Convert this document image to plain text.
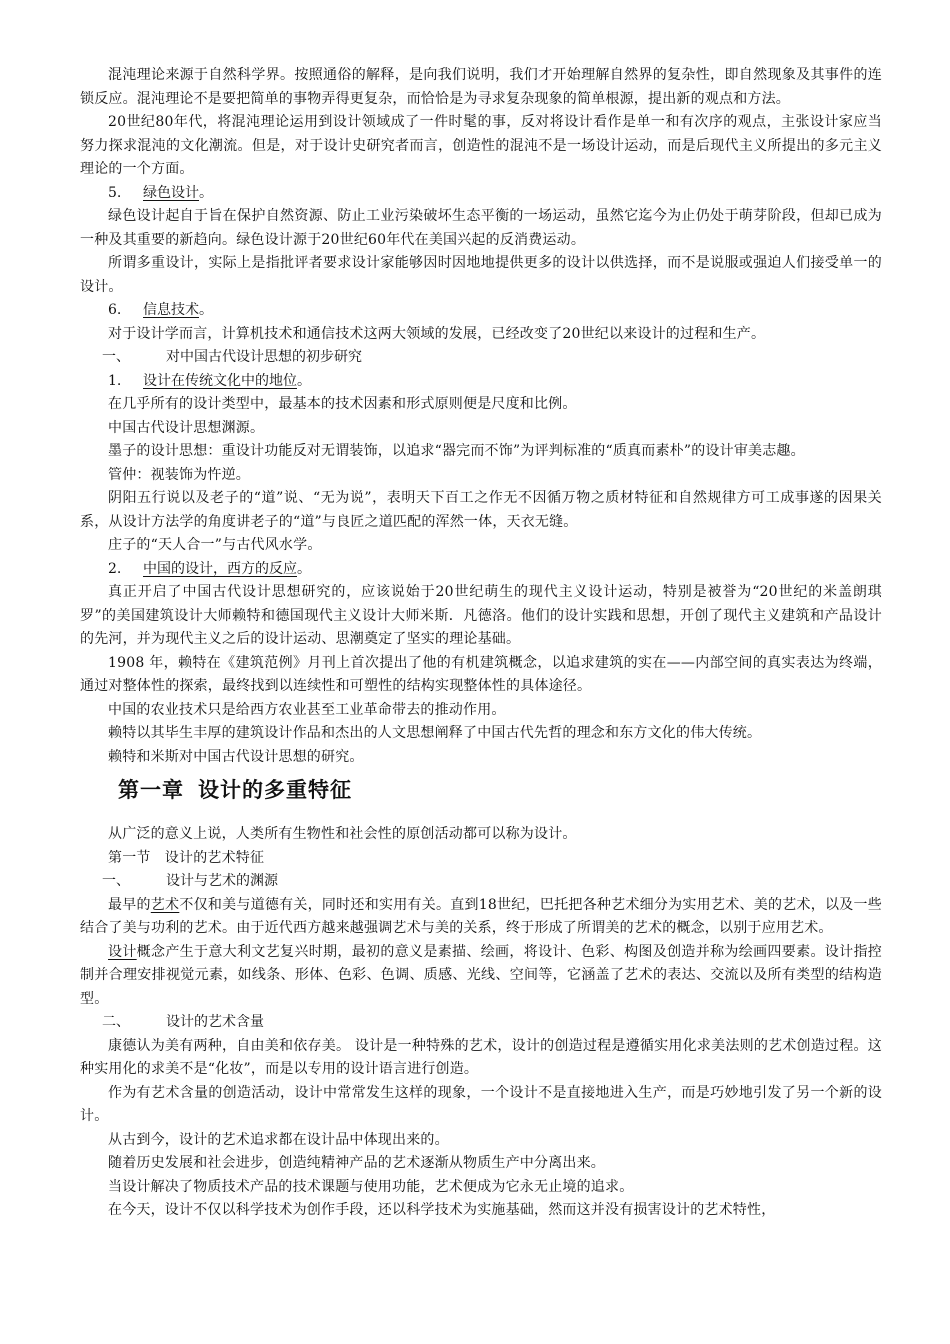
混沌理论来源于自然科学界。按照通俗的解释，是向我们说明，我们才开始理解自然界的复杂性，即自然现象及其事件的连锁反应。混沌理论不是要把简单的事物弄得更复杂，而恰恰是为寻求复杂现象的简单根源，提出新的观点和方法。

20世纪80年代，将混沌理论运用到设计领域成了一件时髦的事，反对将设计看作是单一和有次序的观点，主张设计家应当努力探求混沌的文化潮流。但是，对于设计史研究者而言，创造性的混沌不是一场设计运动，而是后现代主义所提出的多元主义理论的一个方面。

5. 绿色设计。

绿色设计起自于旨在保护自然资源、防止工业污染破坏生态平衡的一场运动，虽然它迄今为止仍处于萌芽阶段，但却已成为一种及其重要的新趋向。绿色设计源于20世纪60年代在美国兴起的反消费运动。

所谓多重设计，实际上是指批评者要求设计家能够因时因地地提供更多的设计以供选择，而不是说服或强迫人们接受单一的设计。

6. 信息技术。

对于设计学而言，计算机技术和通信技术这两大领域的发展，已经改变了20世纪以来设计的过程和生产。

一、	对中国古代设计思想的初步研究

1. 设计在传统文化中的地位。

在几乎所有的设计类型中，最基本的技术因素和形式原则便是尺度和比例。

中国古代设计思想渊源。

墨子的设计思想：重设计功能反对无谓装饰，以追求“器完而不饰”为评判标准的“质真而素朴”的设计审美志趣。

管仲：视装饰为忤逆。

阴阳五行说以及老子的“道”说、“无为说”，表明天下百工之作无不因循万物之质材特征和自然规律方可工成事遂的因果关系，从设计方法学的角度讲老子的“道”与良匠之道匹配的浑然一体，天衣无缝。

庄子的“天人合一”与古代风水学。

2. 中国的设计，西方的反应。

真正开启了中国古代设计思想研究的，应该说始于20世纪萌生的现代主义设计运动，特别是被誉为“20世纪的米盖朗琪罗”的美国建筑设计大师赖特和德国现代主义设计大师米斯．凡德洛。他们的设计实践和思想，开创了现代主义建筑和产品设计的先河，并为现代主义之后的设计运动、思潮奠定了坚实的理论基础。

1908 年，赖特在《建筑范例》月刊上首次提出了他的有机建筑概念，以追求建筑的实在——内部空间的真实表达为终端，通过对整体性的探索，最终找到以连续性和可塑性的结构实现整体性的具体途径。

中国的农业技术只是给西方农业甚至工业革命带去的推动作用。

赖特以其毕生丰厚的建筑设计作品和杰出的人文思想阐释了中国古代先哲的理念和东方文化的伟大传统。

赖特和米斯对中国古代设计思想的研究。

第一章 设计的多重特征

从广泛的意义上说，人类所有生物性和社会性的原创活动都可以称为设计。

第一节　设计的艺术特征

一、	设计与艺术的渊源

最早的艺术不仅和美与道德有关，同时还和实用有关。直到18世纪，巴托把各种艺术细分为实用艺术、美的艺术，以及一些结合了美与功利的艺术。由于近代西方越来越强调艺术与美的关系，终于形成了所谓美的艺术的概念，以别于应用艺术。

设计概念产生于意大利文艺复兴时期，最初的意义是素描、绘画，将设计、色彩、构图及创造并称为绘画四要素。设计指控制并合理安排视觉元素，如线条、形体、色彩、色调、质感、光线、空间等，它涵盖了艺术的表达、交流以及所有类型的结构造型。

二、	设计的艺术含量

康德认为美有两种，自由美和依存美。 设计是一种特殊的艺术，设计的创造过程是遵循实用化求美法则的艺术创造过程。这种实用化的求美不是“化妆”，而是以专用的设计语言进行创造。

作为有艺术含量的创造活动，设计中常常发生这样的现象，一个设计不是直接地进入生产，而是巧妙地引发了另一个新的设计。

从古到今，设计的艺术追求都在设计品中体现出来的。

随着历史发展和社会进步，创造纯精神产品的艺术逐渐从物质生产中分离出来。

当设计解决了物质技术产品的技术课题与使用功能，艺术便成为它永无止境的追求。

在今天，设计不仅以科学技术为创作手段，还以科学技术为实施基础，然而这并没有损害设计的艺术特性，
